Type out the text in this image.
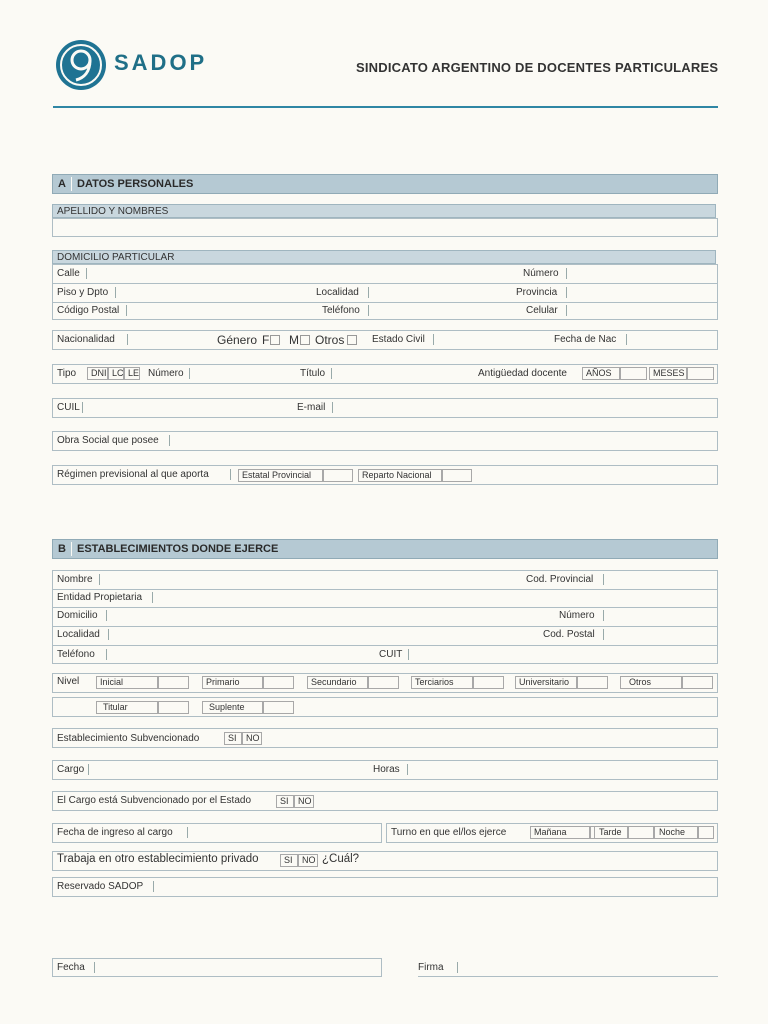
SADOP	SINDICATO ARGENTINO DE DOCENTES PARTICULARES
A DATOS PERSONALES
APELLIDO Y NOMBRES
DOMICILIO PARTICULAR
Calle	Número
Piso y Dpto	Localidad	Provincia
Código Postal	Teléfono	Celular
Nacionalidad	Género F M Otros	Estado Civil	Fecha de Nac
Tipo	DNI LC LE Número	Título	Antigüedad docente	AÑOS	MESES
CUIL	E-mail
Obra Social que posee
Régimen previsional al que aporta	Estatal Provincial	Reparto Nacional
B ESTABLECIMIENTOS DONDE EJERCE
Nombre	Cod. Provincial
Entidad Propietaria
Domicilio	Número
Localidad	Cod. Postal
Teléfono	CUIT
Nivel	Inicial	Primario	Secundario	Terciarios	Universitario	Otros
Titular	Suplente
Establecimiento Subvencionado	SI	NO
Cargo	Horas
El Cargo está Subvencionado por el Estado	SI	NO
Fecha de ingreso al cargo	Turno en que el/los ejerce	Mañana	Tarde	Noche
Trabaja en otro establecimiento privado	SI	NO ¿Cuál?
Reservado SADOP
Fecha	Firma
